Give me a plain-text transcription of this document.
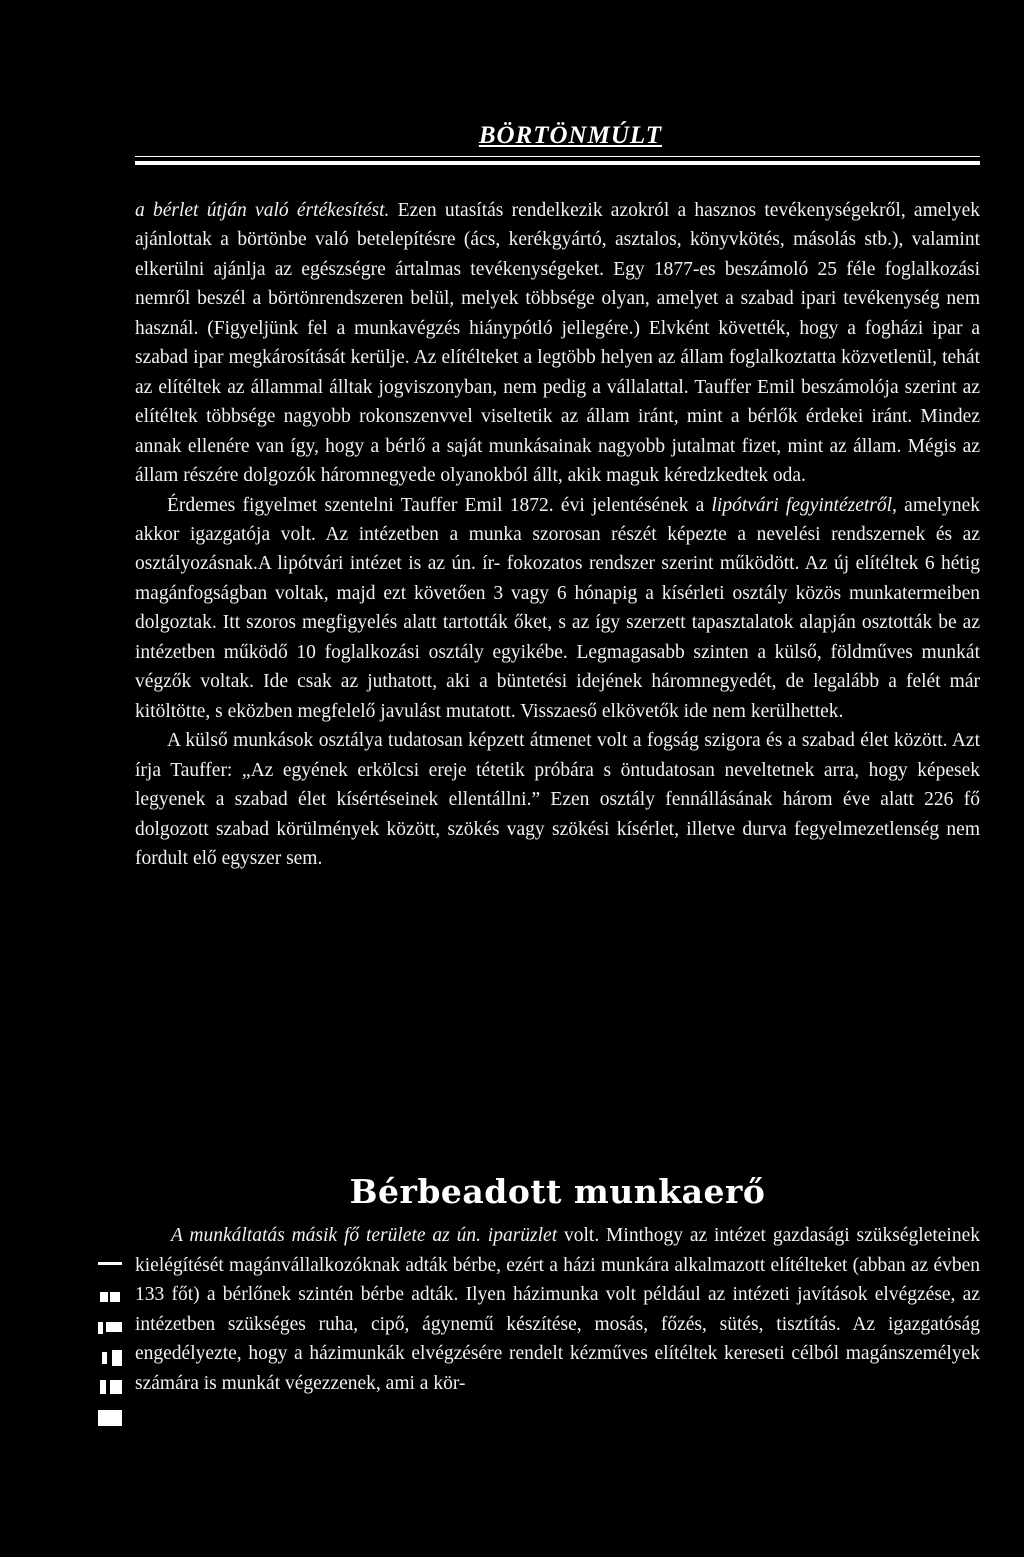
BÖRTÖNMÚLT

a bérlet útján való értékesítést. Ezen utasítás rendelkezik azokról a hasznos tevékenységekről, amelyek ajánlottak a börtönbe való betelepítésre (ács, kerékgyártó, asztalos, könyvkötés, másolás stb.), valamint elkerülni ajánlja az egészségre ártalmas tevékenységeket. Egy 1877-es beszámoló 25 féle foglalkozási nemről beszél a börtönrendszeren belül, melyek többsége olyan, amelyet a szabad ipari tevékenység nem használ. (Figyeljünk fel a munkavégzés hiánypótló jellegére.) Elvként követték, hogy a fogházi ipar a szabad ipar megkárosítását kerülje. Az elítélteket a legtöbb helyen az állam foglalkoztatta közvetlenül, tehát az elítéltek az állammal álltak jogviszonyban, nem pedig a vállalattal. Tauffer Emil beszámolója szerint az elítéltek többsége nagyobb rokonszenvvel viseltetik az állam iránt, mint a bérlők érdekei iránt. Mindez annak ellenére van így, hogy a bérlő a saját munkásainak nagyobb jutalmat fizet, mint az állam. Mégis az állam részére dolgozók háromnegyede olyanokból állt, akik maguk kéredzkedtek oda.

Érdemes figyelmet szentelni Tauffer Emil 1872. évi jelentésének a lipótvári fegyintézetről, amelynek akkor igazgatója volt. Az intézetben a munka szorosan részét képezte a nevelési rendszernek és az osztályozásnak.A lipótvári intézet is az ún. ír- fokozatos rendszer szerint működött. Az új elítéltek 6 hétig magánfogságban voltak, majd ezt követően 3 vagy 6 hónapig a kísérleti osztály közös munkatermeiben dolgoztak. Itt szoros megfigyelés alatt tartották őket, s az így szerzett tapasztalatok alapján osztották be az intézetben működő 10 foglalkozási osztály egyikébe. Legmagasabb szinten a külső, földműves munkát végzők voltak. Ide csak az juthatott, aki a büntetési idejének háromnegyedét, de legalább a felét már kitöltötte, s eközben megfelelő javulást mutatott. Visszaeső elkövetők ide nem kerülhettek.

A külső munkások osztálya tudatosan képzett átmenet volt a fogság szigora és a szabad élet között. Azt írja Tauffer: „Az egyének erkölcsi ereje tétetik próbára s öntudatosan neveltetnek arra, hogy képesek legyenek a szabad élet kísértéseinek ellentállni.” Ezen osztály fennállásának három éve alatt 226 fő dolgozott szabad körülmények között, szökés vagy szökési kísérlet, illetve durva fegyelmezetlenség nem fordult elő egyszer sem.

Bérbeadott munkaerő

A munkáltatás másik fő területe az ún. iparüzlet volt. Minthogy az intézet gazdasági szükségleteinek kielégítését magánvállalkozóknak adták bérbe, ezért a házi munkára alkalmazott elítélteket (abban az évben 133 főt) a bérlőnek szintén bérbe adták. Ilyen házimunka volt például az intézeti javítások elvégzése, az intézetben szükséges ruha, cipő, ágynemű készítése, mosás, főzés, sütés, tisztítás. Az igazgatóság engedélyezte, hogy a házimunkák elvégzésére rendelt kézműves elítéltek kereseti célból magánszemélyek számára is munkát végezzenek, ami a kör-
